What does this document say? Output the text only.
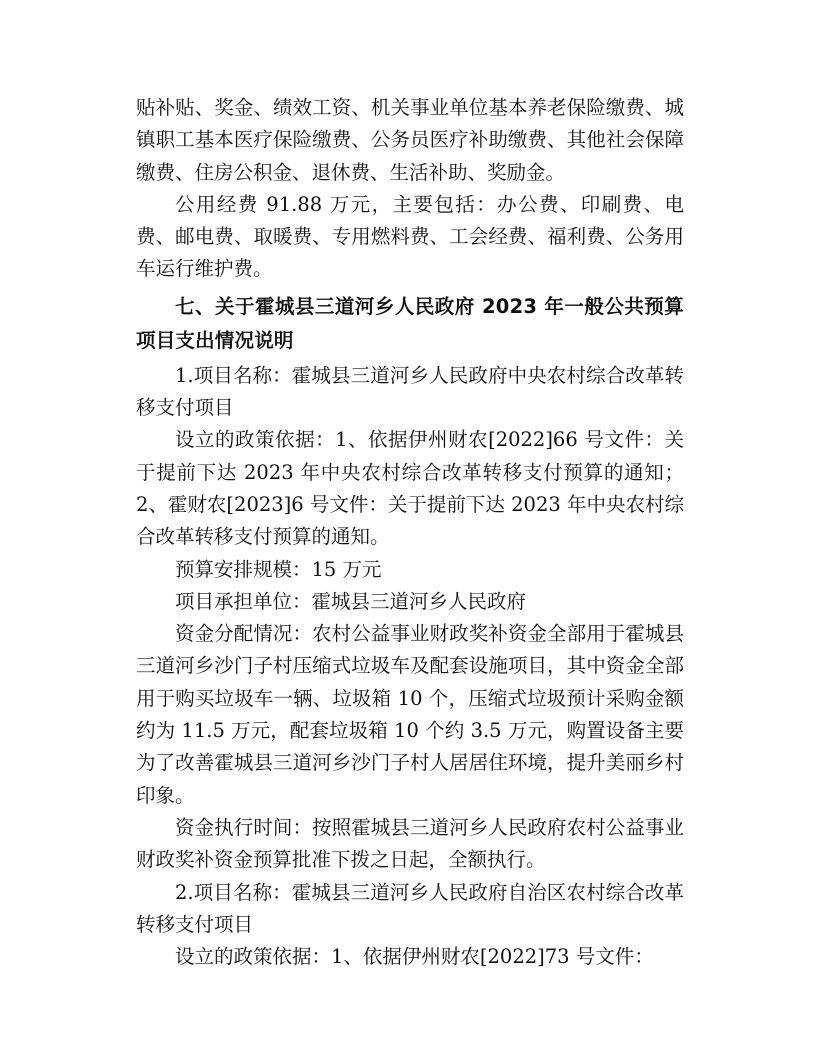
贴补贴、奖金、绩效工资、机关事业单位基本养老保险缴费、城镇职工基本医疗保险缴费、公务员医疗补助缴费、其他社会保障缴费、住房公积金、退休费、生活补助、奖励金。

公用经费 91.88 万元，主要包括：办公费、印刷费、电费、邮电费、取暖费、专用燃料费、工会经费、福利费、公务用车运行维护费。

七、关于霍城县三道河乡人民政府 2023 年一般公共预算项目支出情况说明

1.项目名称：霍城县三道河乡人民政府中央农村综合改革转移支付项目

设立的政策依据：1、依据伊州财农[2022]66 号文件：关于提前下达 2023 年中央农村综合改革转移支付预算的通知；2、霍财农[2023]6 号文件：关于提前下达 2023 年中央农村综合改革转移支付预算的通知。

预算安排规模：15 万元

项目承担单位：霍城县三道河乡人民政府

资金分配情况：农村公益事业财政奖补资金全部用于霍城县三道河乡沙门子村压缩式垃圾车及配套设施项目，其中资金全部用于购买垃圾车一辆、垃圾箱 10 个，压缩式垃圾预计采购金额约为 11.5 万元，配套垃圾箱 10 个约 3.5 万元，购置设备主要为了改善霍城县三道河乡沙门子村人居居住环境，提升美丽乡村印象。

资金执行时间：按照霍城县三道河乡人民政府农村公益事业财政奖补资金预算批准下拨之日起，全额执行。

2.项目名称：霍城县三道河乡人民政府自治区农村综合改革转移支付项目

设立的政策依据：1、依据伊州财农[2022]73 号文件：
